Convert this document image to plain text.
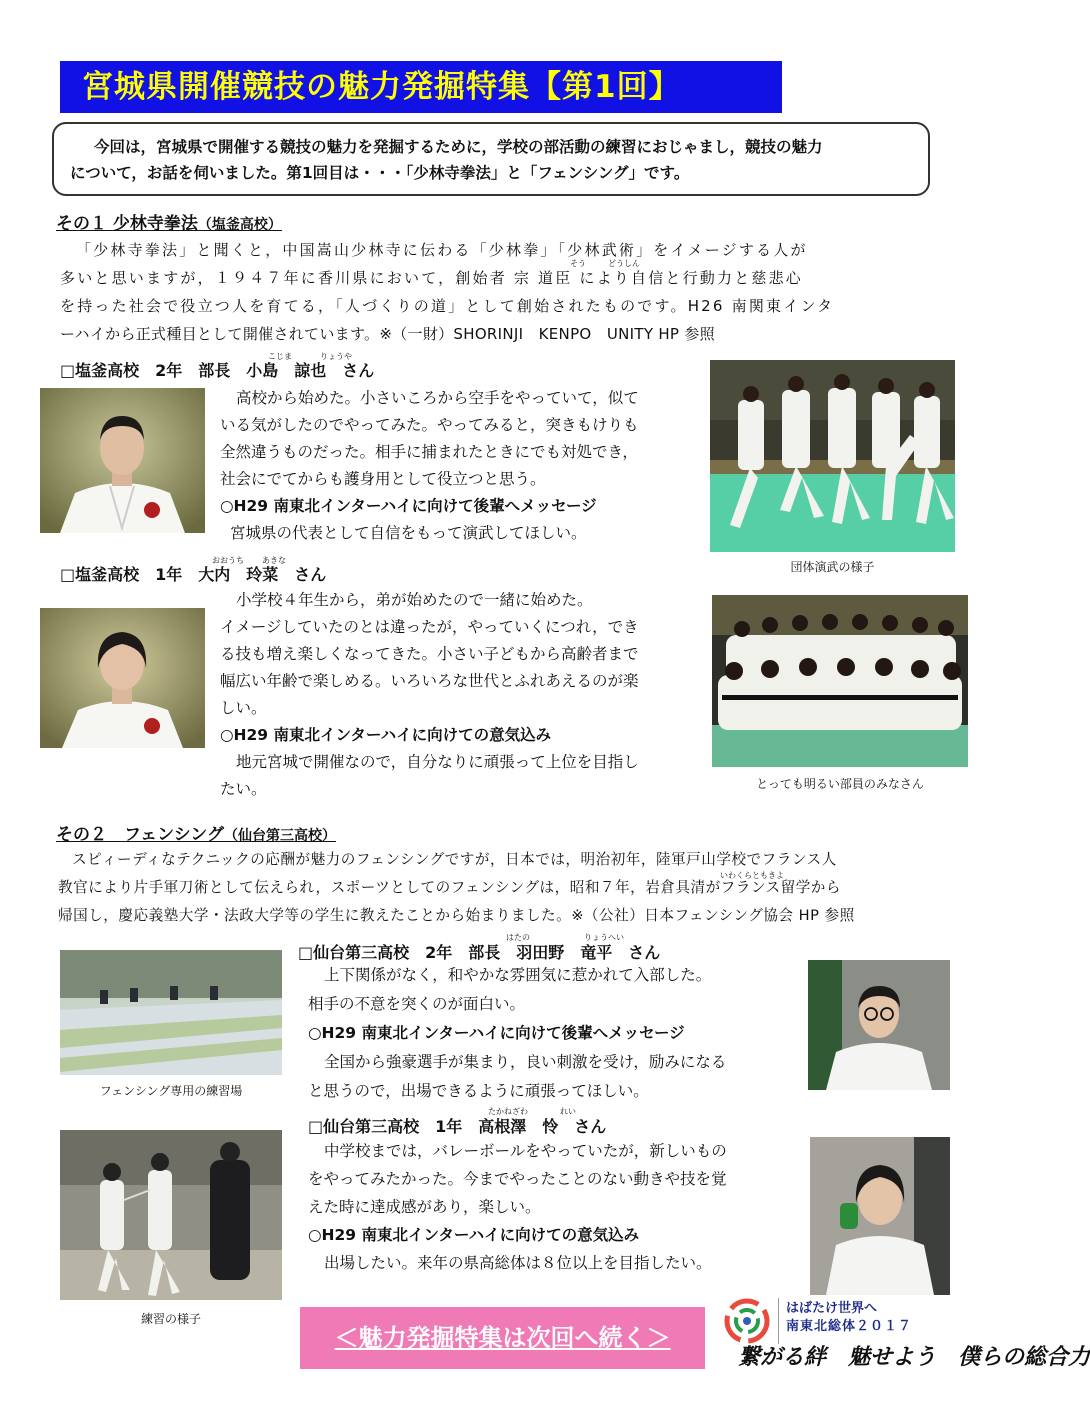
宮城県開催競技の魅力発掘特集【第1回】
今回は，宮城県で開催する競技の魅力を発掘するために，学校の部活動の練習におじゃまし，競技の魅力
について，お話を伺いました。第1回目は・・・「少林寺拳法」と「フェンシング」です。
その１ 少林寺拳法（塩釜高校）
「少林寺拳法」と聞くと，中国嵩山少林寺に伝わる「少林拳」「少林武術」をイメージする人が
多いと思いますが，１９４７年に香川県において，創始者 宗 道臣 により自信と行動力と慈悲心
を持った社会で役立つ人を育てる，「人づくりの道」として創始されたものです。H26 南関東インタ
ーハイから正式種目として開催されています。※（一財）SHORINJI　KENPO　UNITY HP 参照
そう	どうしん
□塩釜高校　2年　部長　小島　諒也　さん
こじま	りょうや
高校から始めた。小さいころから空手をやっていて，似て
いる気がしたのでやってみた。やってみると，突きもけりも
全然違うものだった。相手に捕まれたときにでも対処でき，
社会にでてからも護身用として役立つと思う。
○H29 南東北インターハイに向けて後輩へメッセージ
宮城県の代表として自信をもって演武してほしい。
団体演武の様子
□塩釜高校　1年　大内　玲菜　さん
おおうち あきな
小学校４年生から，弟が始めたので一緒に始めた。
イメージしていたのとは違ったが，やっていくにつれ，でき
る技も増え楽しくなってきた。小さい子どもから高齢者まで
幅広い年齢で楽しめる。いろいろな世代とふれあえるのが楽
しい。
○H29 南東北インターハイに向けての意気込み
地元宮城で開催なので，自分なりに頑張って上位を目指し
たい。	とっても明るい部員のみなさん
その２　フェンシング（仙台第三高校）
スピィーディなテクニックの応酬が魅力のフェンシングですが，日本では，明治初年，陸軍戸山学校でフランス人
教官により片手軍刀術として伝えられ，スポーツとしてのフェンシングは，昭和７年，岩倉具清がフランス留学から
帰国し，慶応義塾大学・法政大学等の学生に教えたことから始まりました。※（公社）日本フェンシング協会 HP 参照
いわくらともきよ
フェンシング専用の練習場
□仙台第三高校　2年　部長　羽田野　竜平　さん
はたの	りょうへい
上下関係がなく，和やかな雰囲気に惹かれて入部した。
相手の不意を突くのが面白い。
○H29 南東北インターハイに向けて後輩へメッセージ
全国から強豪選手が集まり，良い刺激を受け，励みになる
と思うので，出場できるように頑張ってほしい。
練習の様子
□仙台第三高校　1年　高根澤　怜　さん
たかねざわ	れい
中学校までは，バレーボールをやっていたが，新しいもの
をやってみたかった。今までやったことのない動きや技を覚
えた時に達成感があり，楽しい。
○H29 南東北インターハイに向けての意気込み
出場したい。来年の県高総体は８位以上を目指したい。
＜魅力発掘特集は次回へ続く＞
はばたけ世界へ
南東北総体２０１７
繋がる絆　魅せよう　僕らの総合力
